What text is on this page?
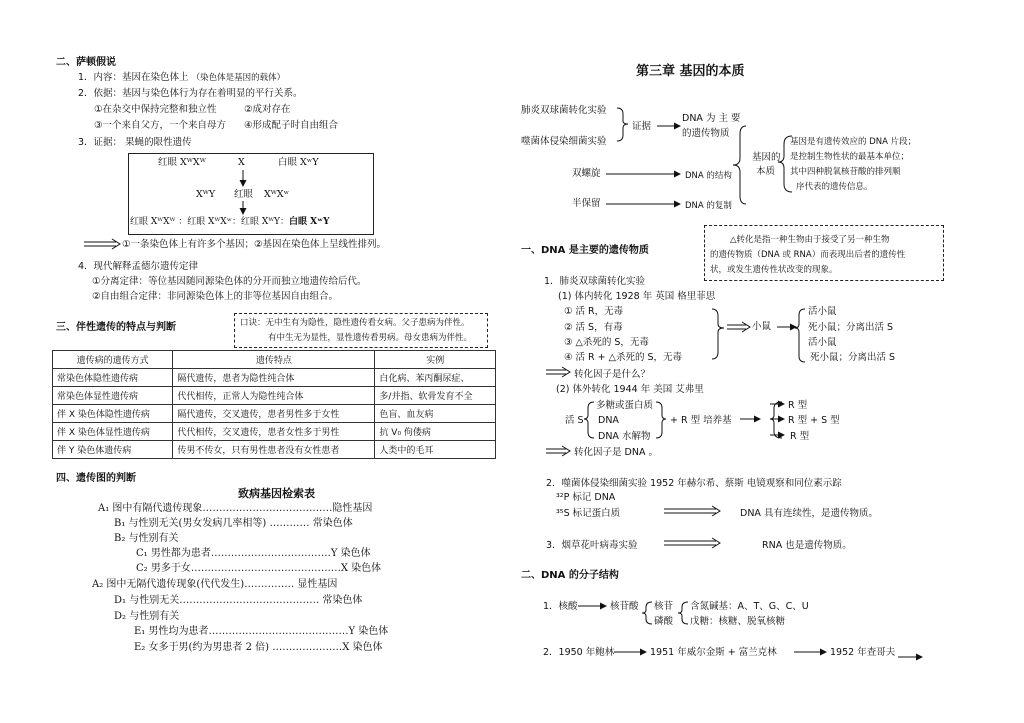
二、萨顿假说
1．内容：基因在染色体上 （染色体是基因的载体）
2．依据：基因与染色体行为存在着明显的平行关系。
①在杂交中保持完整和独立性	②成对存在
③一个来自父方，一个来自母方 ④形成配子时自由组合
3．证据： 果蝇的限性遗传
红眼 XᵂXᵂ	X	白眼 XʷY
XᵂY 红眼 XᵂXʷ
红眼 XᵂXᵂ ：红眼 XᵂXʷ：红眼 XᵂY：白眼 XʷY
①一条染色体上有许多个基因；②基因在染色体上呈线性排列。
4．现代解释孟德尔遗传定律
①分离定律：等位基因随同源染色体的分开而独立地遗传给后代。
②自由组合定律：非同源染色体上的非等位基因自由组合。
三、伴性遗传的特点与判断	口诀：无中生有为隐性，隐性遗传看女病。父子患病为伴性。
有中生无为显性，显性遗传看男病。母女患病为伴性。
遗传病的遗传方式	遗传特点	实例
常染色体隐性遗传病	隔代遗传，患者为隐性纯合体	白化病、苯丙酮尿症、
常染色体显性遗传病	代代相传，正常人为隐性纯合体	多/并指、软骨发育不全
伴 X 染色体隐性遗传病	隔代遗传，交叉遗传，患者男性多于女性	色盲、血友病
伴 X 染色体显性遗传病	代代相传，交叉遗传，患者女性多于男性	抗 V₀ 佝偻病
伴 Y 染色体遗传病	传男不传女，只有男性患者没有女性患者	人类中的毛耳
四、遗传图的判断
致病基因检索表
A₁ 图中有隔代遗传现象…………………………………隐性基因
B₁ 与性别无关(男女发病几率相等) ………… 常染色体
B₂ 与性别有关
C₁ 男性都为患者………………………………Y 染色体
C₂ 男多于女………………………………………X 染色体
A₂ 图中无隔代遗传现象(代代发生)…………… 显性基因
D₁ 与性别无关…………………………………… 常染色体
D₂ 与性别有关
E₁ 男性均为患者……………………………………Y 染色体
E₂ 女多于男(约为男患者 2 倍) …………………X 染色体
第三章 基因的本质
肺炎双球菌转化实验
噬菌体侵染细菌实验
证据
DNA 为 主 要
的遗传物质
基因的
本质
基因是有遗传效应的 DNA 片段；
是控制生物性状的最基本单位；
其中四种脱氧核苷酸的排列顺
序代表的遗传信息。
双螺旋	DNA 的结构
半保留	DNA 的复制
△转化是指一种生物由于接受了另一种生物
的遗传物质（DNA 或 RNA）而表现出后者的遗传性
状，或发生遗传性状改变的现象。
一、DNA 是主要的遗传物质
1．肺炎双球菌转化实验
(1) 体内转化 1928 年 英国 格里菲思
① 活 R，无毒
② 活 S，有毒
③ △杀死的 S，无毒
④ 活 R + △杀死的 S，无毒
小鼠
活小鼠
死小鼠；分离出活 S
活小鼠
死小鼠；分离出活 S
转化因子是什么？
(2) 体外转化 1944 年 美国 艾弗里
活 S
多糖或蛋白质
DNA
DNA 水解物
+ R 型 培养基
R 型
R 型 + S 型
R 型
转化因子是 DNA 。
2．噬菌体侵染细菌实验 1952 年赫尔希、蔡斯 电镜观察和同位素示踪
³²P 标记 DNA
³⁵S 标记蛋白质	DNA 具有连续性，是遗传物质。
3．烟草花叶病毒实验	RNA 也是遗传物质。
二、DNA 的分子结构
1．核酸	核苷酸 核苷
磷酸
含氮碱基：A、T、G、C、U
戊糖：核糖、脱氧核糖
2．1950 年鲍林	1951 年威尔金斯 + 富兰克林	1952 年查哥夫
